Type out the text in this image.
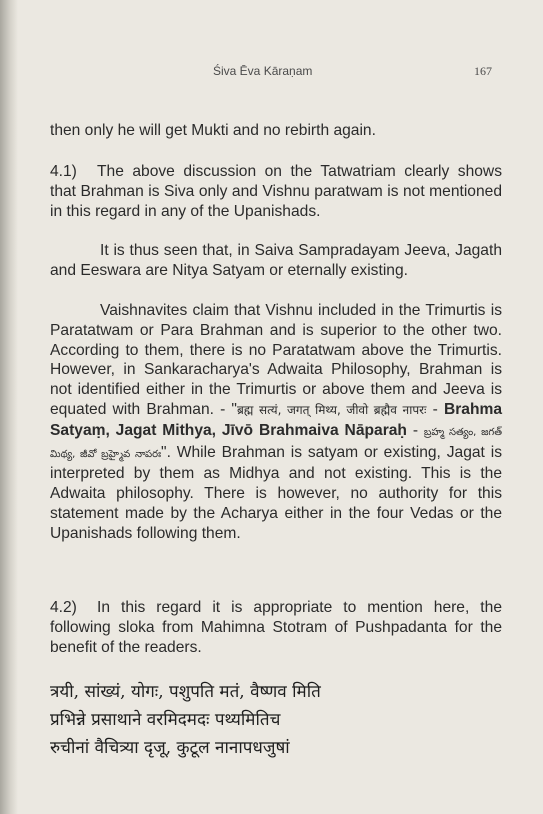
Śiva Ēva Kāraṇam	167

then only he will get Mukti and no rebirth again.

4.1) The above discussion on the Tatwatriam clearly shows that Brahman is Siva only and Vishnu paratwam is not mentioned in this regard in any of the Upanishads.

It is thus seen that, in Saiva Sampradayam Jeeva, Jagath and Eeswara are Nitya Satyam or eternally existing.

Vaishnavites claim that Vishnu included in the Trimurtis is Paratatwam or Para Brahman and is superior to the other two. According to them, there is no Paratatwam above the Trimurtis. However, in Sankaracharya's Adwaita Philosophy, Brahman is not identified either in the Trimurtis or above them and Jeeva is equated with Brahman. - "ब्रह्म सत्यं, जगत् मिथ्य, जीवो ब्रह्मैव नापरः - Brahma Satyaṃ, Jagat Mithya, Jīvō Brahmaiva Nāparaḥ - బ్రహ్మ సత్యం, జగత్ మిథ్య, జీవో బ్రహ్మైవ నాపరః". While Brahman is satyam or existing, Jagat is interpreted by them as Midhya and not existing. This is the Adwaita philosophy. There is however, no authority for this statement made by the Acharya either in the four Vedas or the Upanishads following them.

4.2) In this regard it is appropriate to mention here, the following sloka from Mahimna Stotram of Pushpadanta for the benefit of the readers.

त्रयी, सांख्यं, योगः, पशुपति मतं, वैष्णव मिति
प्रभिन्ने प्रसाथाने वरमिदमदः पथ्यमितिच
रुचीनां वैचित्र्या दृजू, कुटूल नानापधजुषां
